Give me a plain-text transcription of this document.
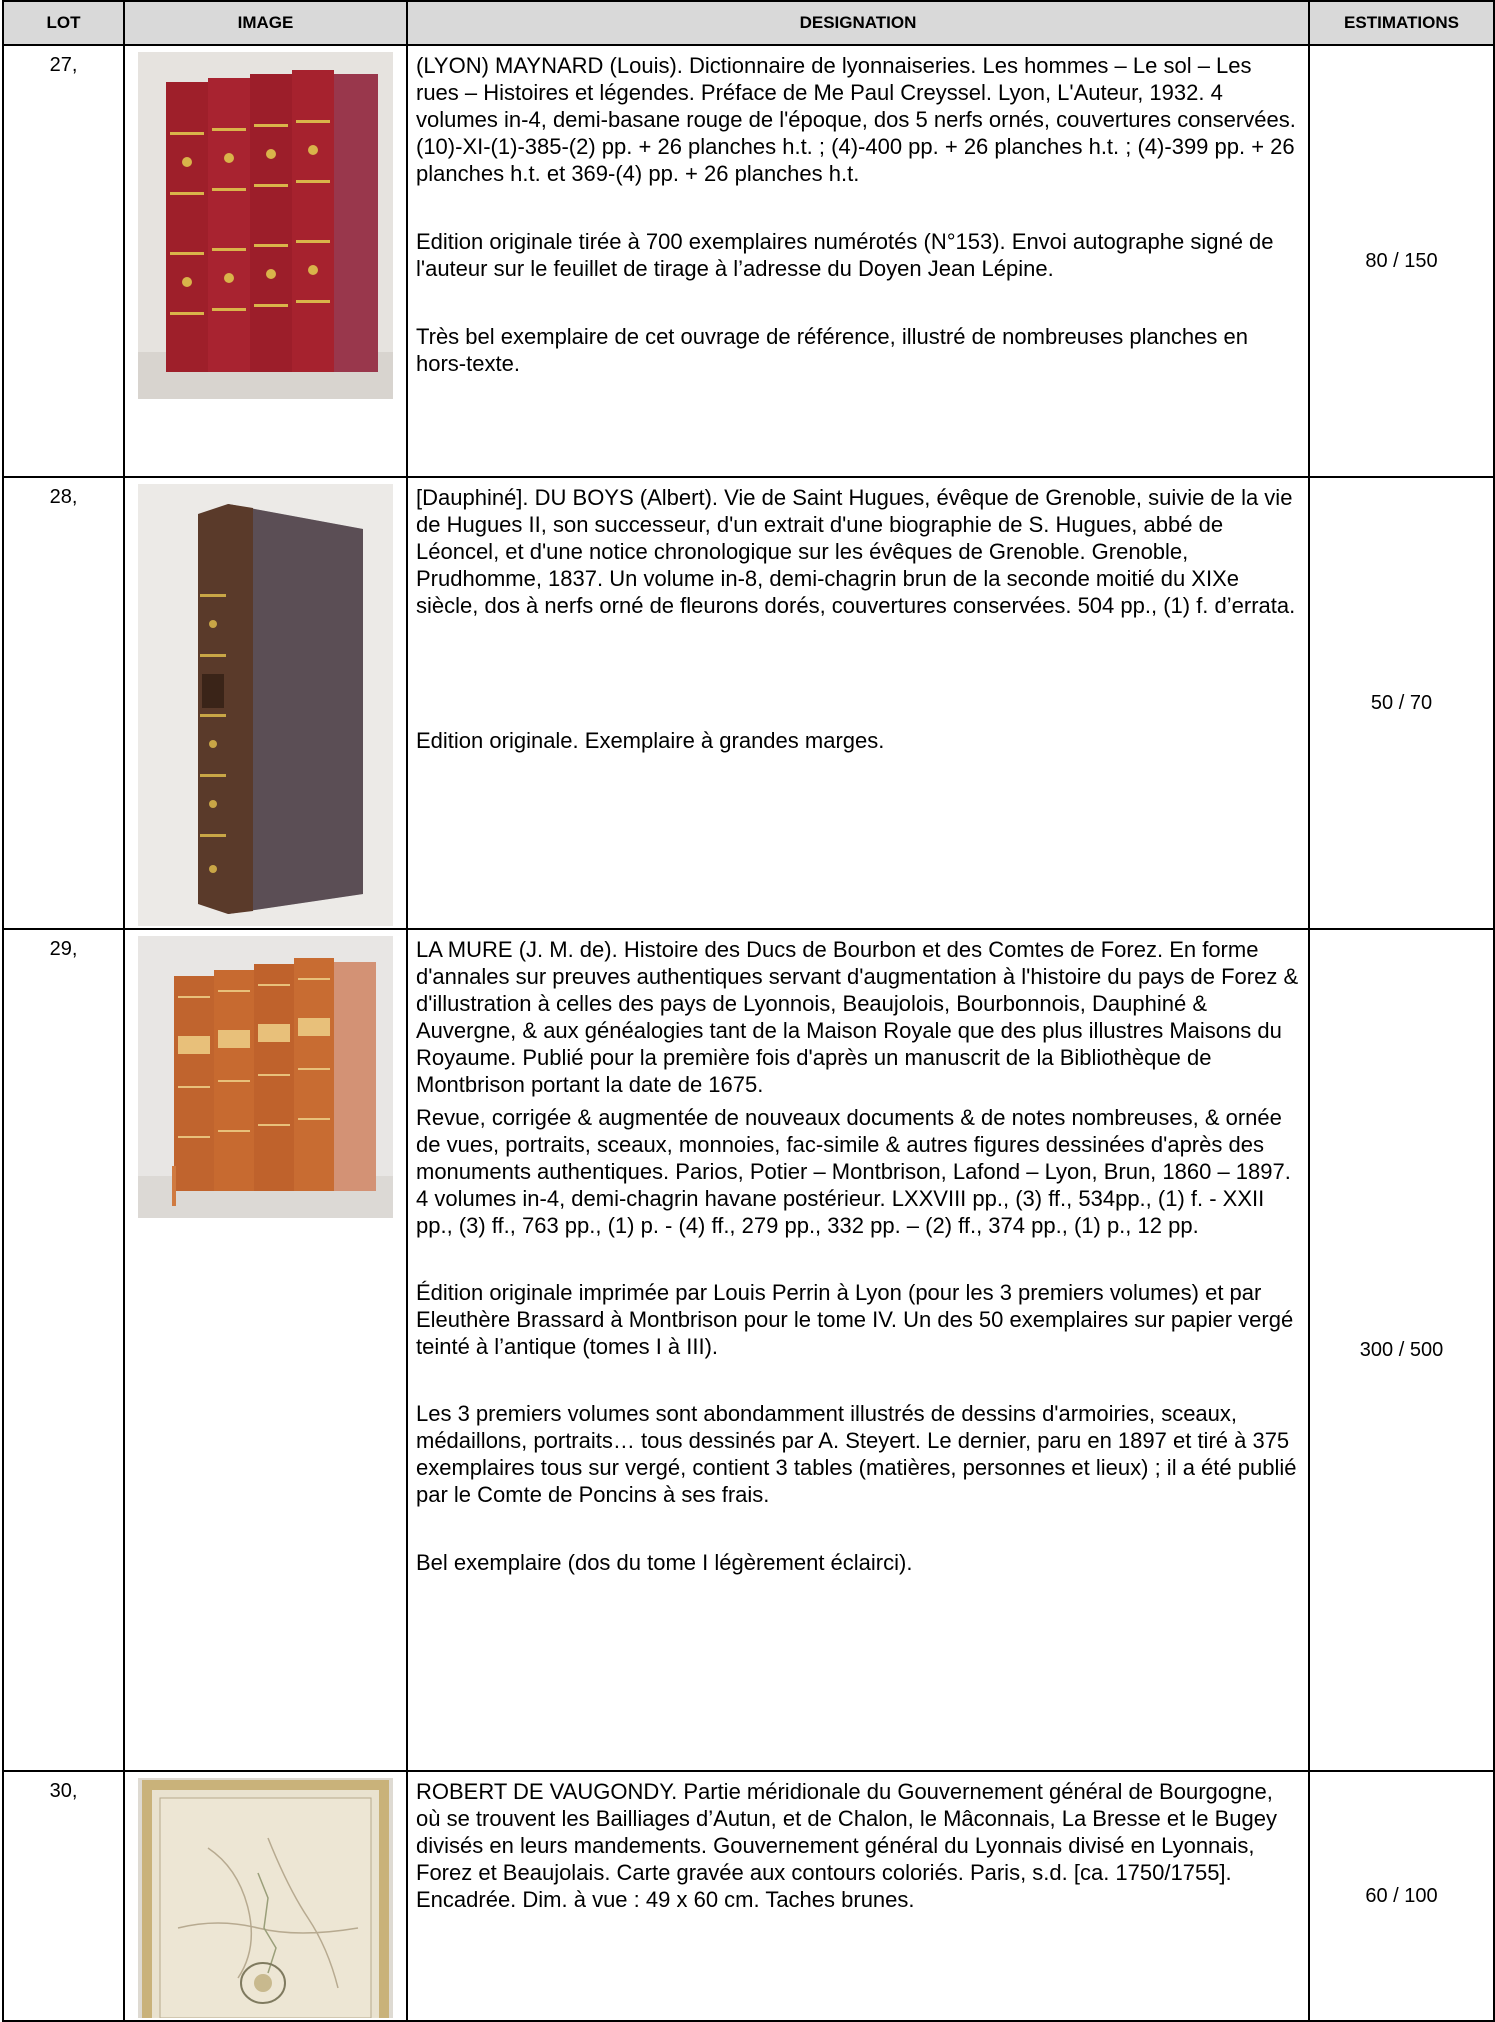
LOT	IMAGE	DESIGNATION	ESTIMATIONS
27,		(LYON) MAYNARD (Louis). Dictionnaire de lyonnaiseries. Les hommes – Le sol – Les rues – Histoires et légendes. Préface de Me Paul Creyssel. Lyon, L'Auteur, 1932. 4 volumes in-4, demi-basane rouge de l'époque, dos 5 nerfs ornés, couvertures conservées. (10)-XI-(1)-385-(2) pp. + 26 planches h.t. ; (4)-400 pp. + 26 planches h.t. ; (4)-399 pp. + 26 planches h.t. et 369-(4) pp. + 26 planches h.t.

Edition originale tirée à 700 exemplaires numérotés (N°153). Envoi autographe signé de l'auteur sur le feuillet de tirage à l’adresse du Doyen Jean Lépine.

Très bel exemplaire de cet ouvrage de référence, illustré de nombreuses planches en hors-texte.	80 / 150
28,		[Dauphiné]. DU BOYS (Albert). Vie de Saint Hugues, évêque de Grenoble, suivie de la vie de Hugues II, son successeur, d'un extrait d'une biographie de S. Hugues, abbé de Léoncel, et d'une notice chronologique sur les évêques de Grenoble. Grenoble, Prudhomme, 1837. Un volume in-8, demi-chagrin brun de la seconde moitié du XIXe siècle, dos à nerfs orné de fleurons dorés, couvertures conservées. 504 pp., (1) f. d’errata.

Edition originale. Exemplaire à grandes marges.	50 / 70
29,		LA MURE (J. M. de). Histoire des Ducs de Bourbon et des Comtes de Forez. En forme d'annales sur preuves authentiques servant d'augmentation à l'histoire du pays de Forez & d'illustration à celles des pays de Lyonnois, Beaujolois, Bourbonnois, Dauphiné & Auvergne, & aux généalogies tant de la Maison Royale que des plus illustres Maisons du Royaume. Publié pour la première fois d'après un manuscrit de la Bibliothèque de Montbrison portant la date de 1675.

Revue, corrigée & augmentée de nouveaux documents & de notes nombreuses, & ornée de vues, portraits, sceaux, monnoies, fac-simile & autres figures dessinées d'après des monuments authentiques. Parios, Potier – Montbrison, Lafond – Lyon, Brun, 1860 – 1897. 4 volumes in-4, demi-chagrin havane postérieur. LXXVIII pp., (3) ff., 534pp., (1) f. - XXII pp., (3) ff., 763 pp., (1) p. - (4) ff., 279 pp., 332 pp. – (2) ff., 374 pp., (1) p., 12 pp.

Édition originale imprimée par Louis Perrin à Lyon (pour les 3 premiers volumes) et par Eleuthère Brassard à Montbrison pour le tome IV. Un des 50 exemplaires sur papier vergé teinté à l’antique (tomes I à III).

Les 3 premiers volumes sont abondamment illustrés de dessins d'armoiries, sceaux, médaillons, portraits… tous dessinés par A. Steyert. Le dernier, paru en 1897 et tiré à 375 exemplaires tous sur vergé, contient 3 tables (matières, personnes et lieux) ; il a été publié par le Comte de Poncins à ses frais.

Bel exemplaire (dos du tome I légèrement éclairci).	300 / 500
30,		ROBERT DE VAUGONDY. Partie méridionale du Gouvernement général de Bourgogne, où se trouvent les Bailliages d’Autun, et de Chalon, le Mâconnais, La Bresse et le Bugey divisés en leurs mandements. Gouvernement général du Lyonnais divisé en Lyonnais, Forez et Beaujolais. Carte gravée aux contours coloriés. Paris, s.d. [ca. 1750/1755]. Encadrée. Dim. à vue : 49 x 60 cm. Taches brunes.	60 / 100
